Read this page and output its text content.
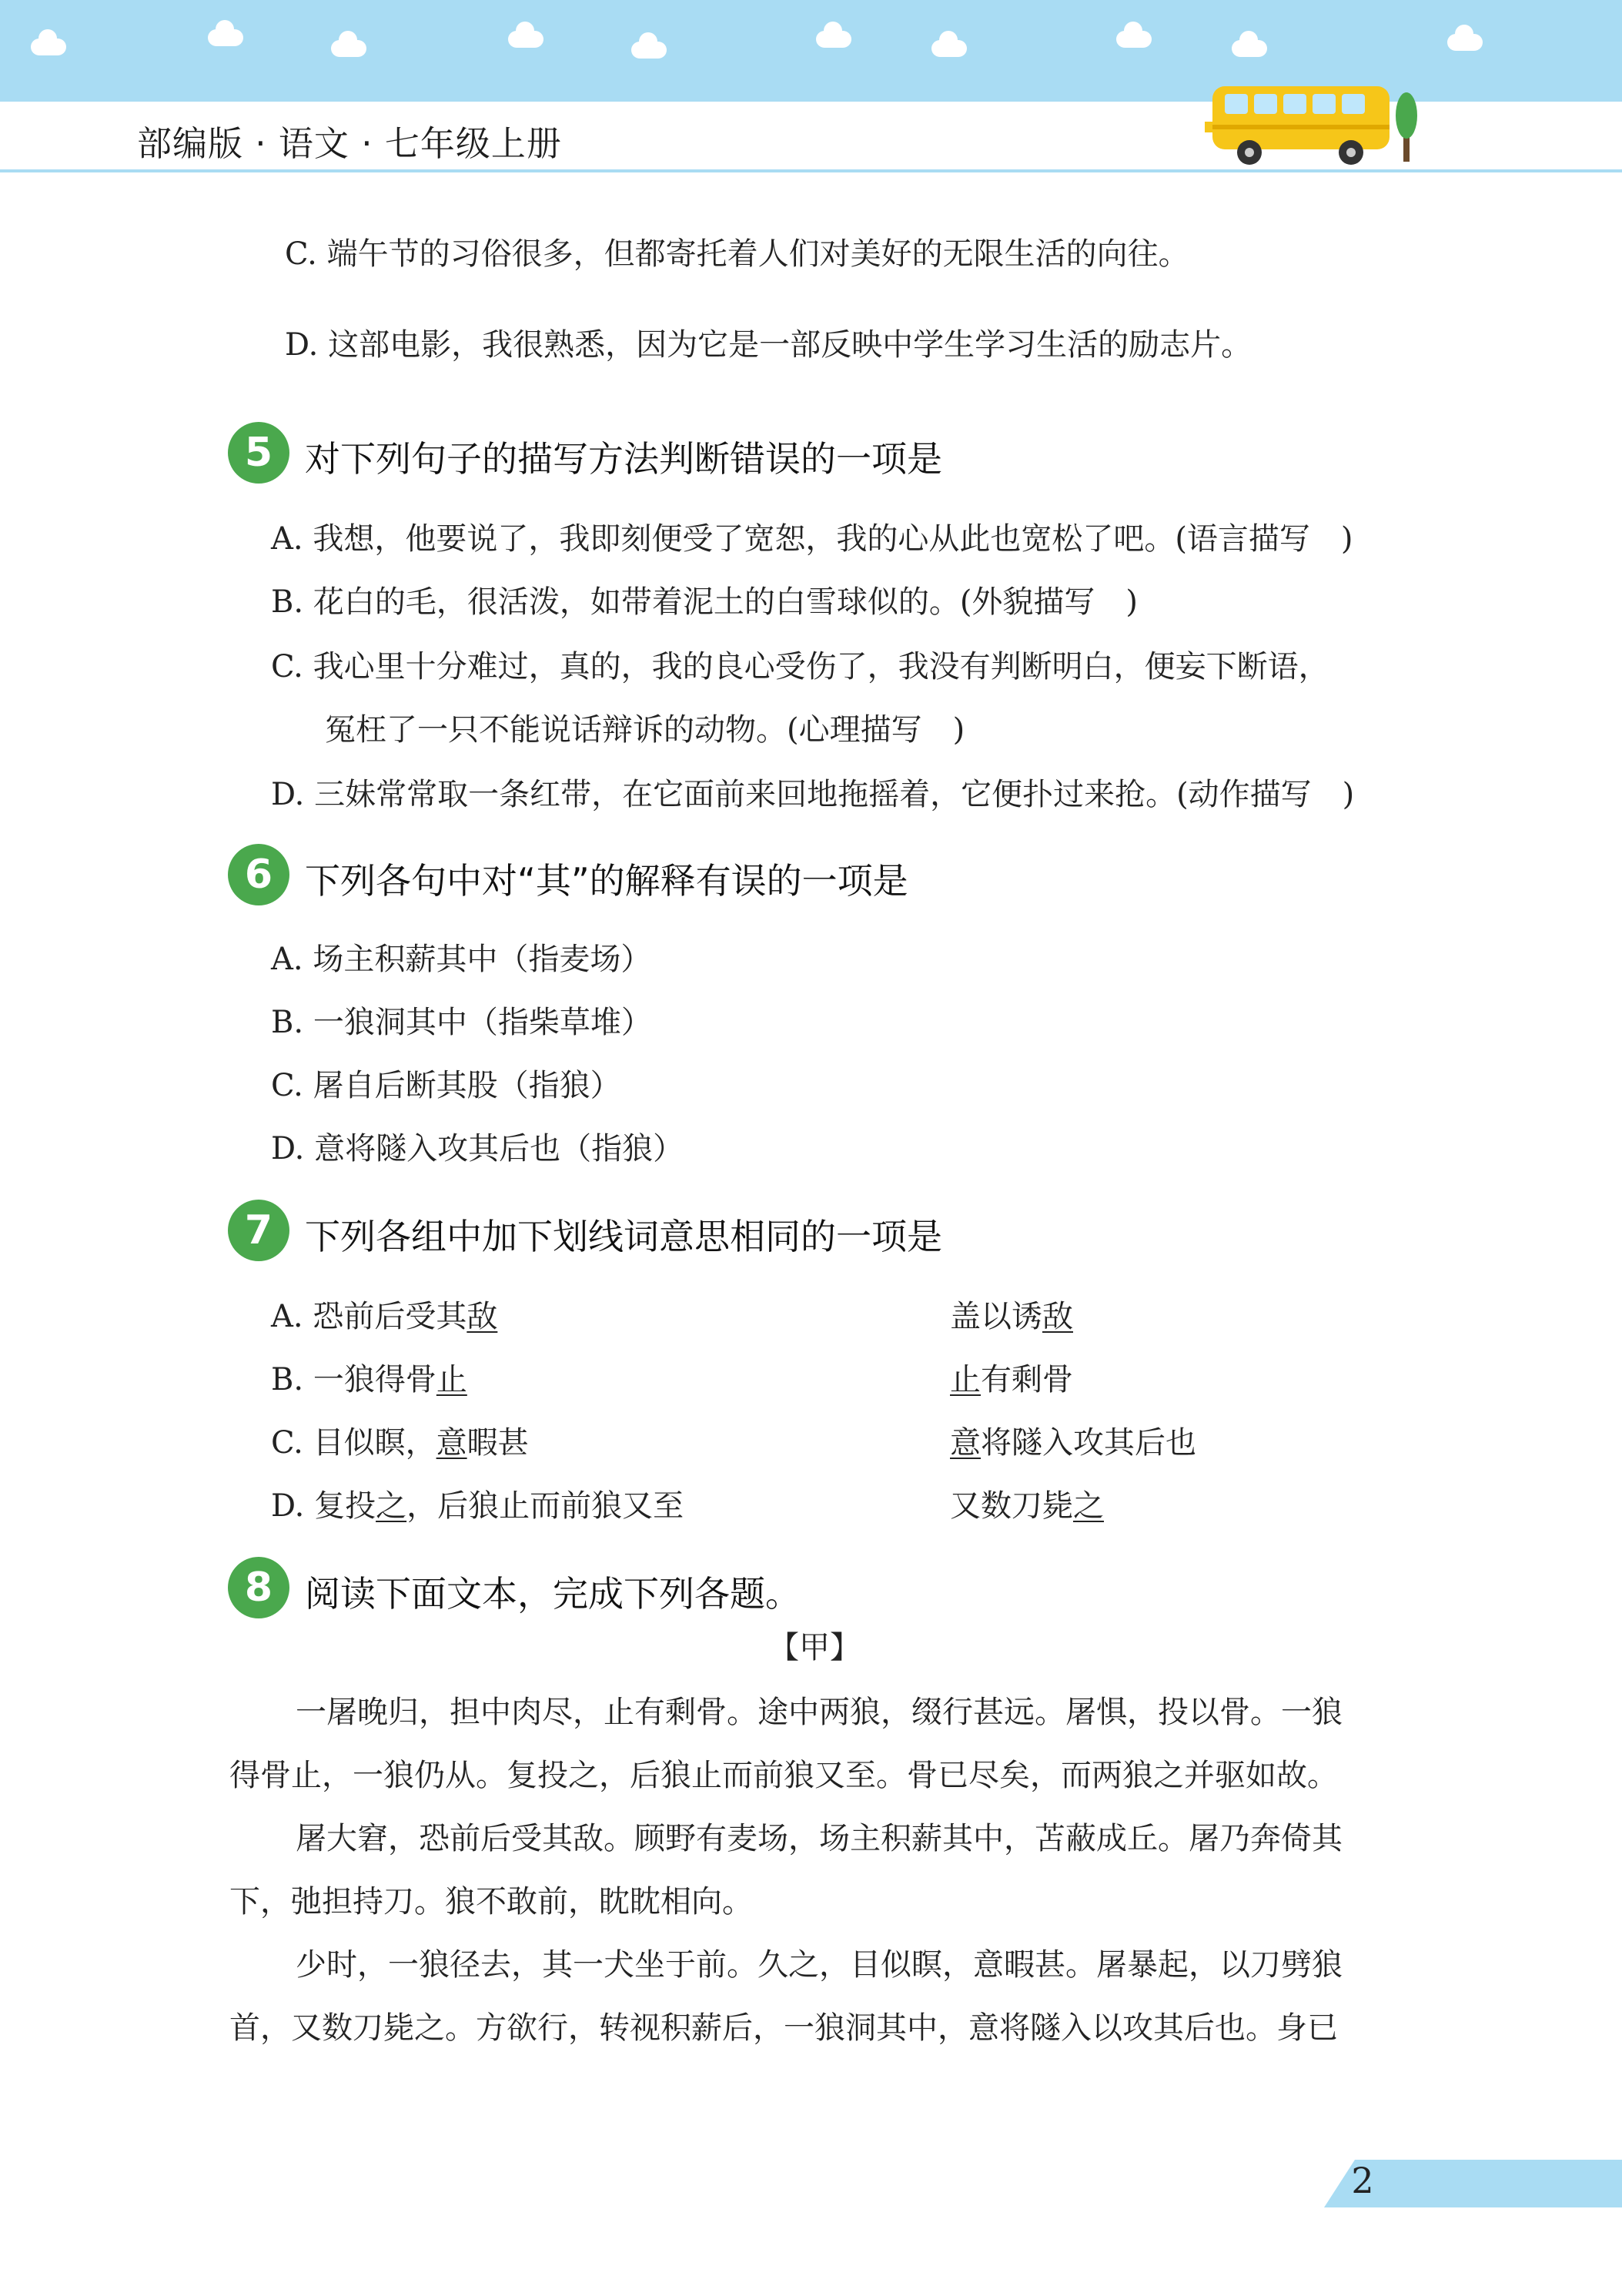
部编版 · 语文 · 七年级上册
C. 端午节的习俗很多，但都寄托着人们对美好的无限生活的向往。
D. 这部电影，我很熟悉，因为它是一部反映中学生学习生活的励志片。
5 对下列句子的描写方法判断错误的一项是
A. 我想，他要说了，我即刻便受了宽恕，我的心从此也宽松了吧。(语言描写　)
B. 花白的毛，很活泼，如带着泥土的白雪球似的。(外貌描写　)
C. 我心里十分难过，真的，我的良心受伤了，我没有判断明白，便妄下断语，
冤枉了一只不能说话辩诉的动物。(心理描写　)
D. 三妹常常取一条红带，在它面前来回地拖摇着，它便扑过来抢。(动作描写　)
6 下列各句中对“其”的解释有误的一项是
A. 场主积薪其中（指麦场）
B. 一狼洞其中（指柴草堆）
C. 屠自后断其股（指狼）
D. 意将隧入攻其后也（指狼）
7 下列各组中加下划线词意思相同的一项是
A. 恐前后受其敌	盖以诱敌
B. 一狼得骨止	止有剩骨
C. 目似瞑，意暇甚	意将隧入攻其后也
D. 复投之，后狼止而前狼又至	又数刀毙之
8 阅读下面文本，完成下列各题。
【甲】
一屠晚归，担中肉尽，止有剩骨。途中两狼，缀行甚远。屠惧，投以骨。一狼
得骨止，一狼仍从。复投之，后狼止而前狼又至。骨已尽矣，而两狼之并驱如故。
屠大窘，恐前后受其敌。顾野有麦场，场主积薪其中，苫蔽成丘。屠乃奔倚其
下，弛担持刀。狼不敢前，眈眈相向。
少时，一狼径去，其一犬坐于前。久之，目似瞑，意暇甚。屠暴起，以刀劈狼
首，又数刀毙之。方欲行，转视积薪后，一狼洞其中，意将隧入以攻其后也。身已
2
